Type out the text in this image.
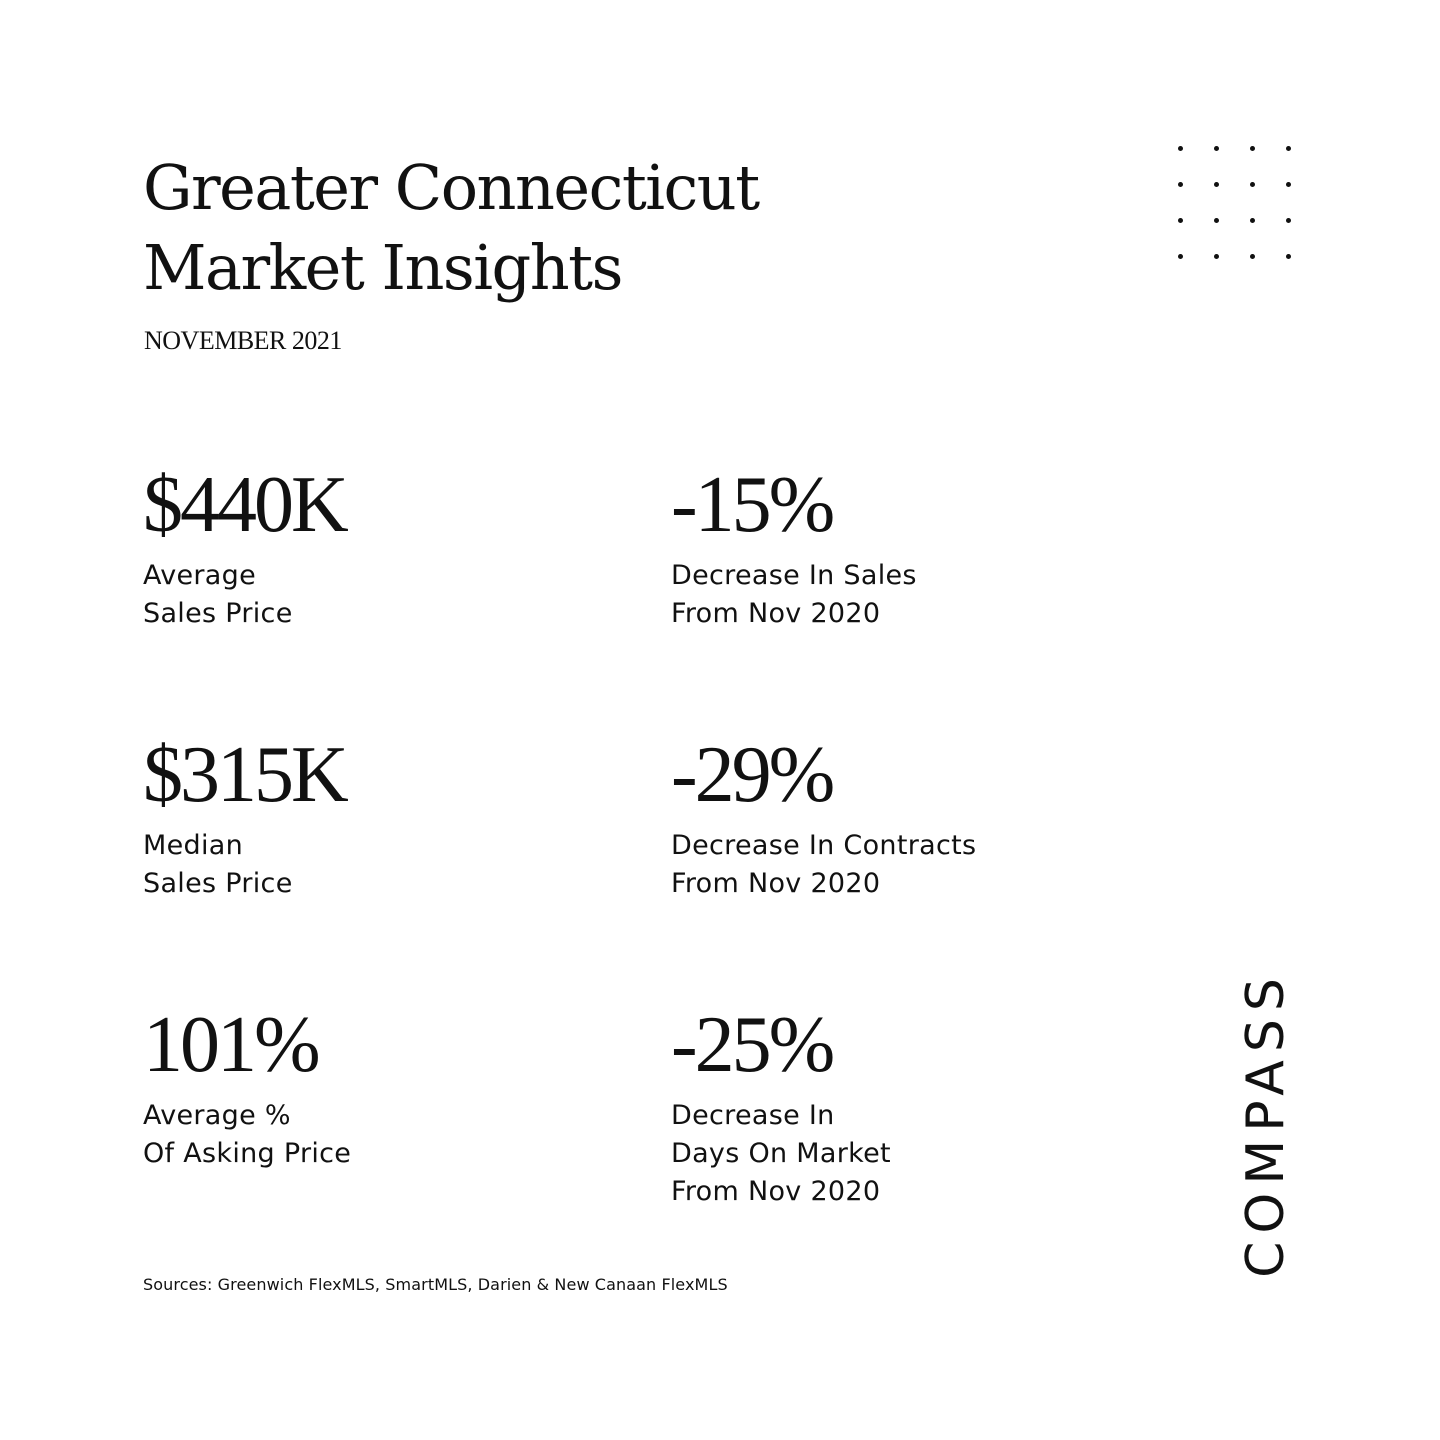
Greater Connecticut
Market Insights
NOVEMBER 2021
$440K
Average
Sales Price
-15%
Decrease In Sales
From Nov 2020
$315K
Median
Sales Price
-29%
Decrease In Contracts
From Nov 2020
101%
Average %
Of Asking Price
-25%
Decrease In
Days On Market
From Nov 2020
Sources: Greenwich FlexMLS, SmartMLS, Darien & New Canaan FlexMLS
COMPASS
